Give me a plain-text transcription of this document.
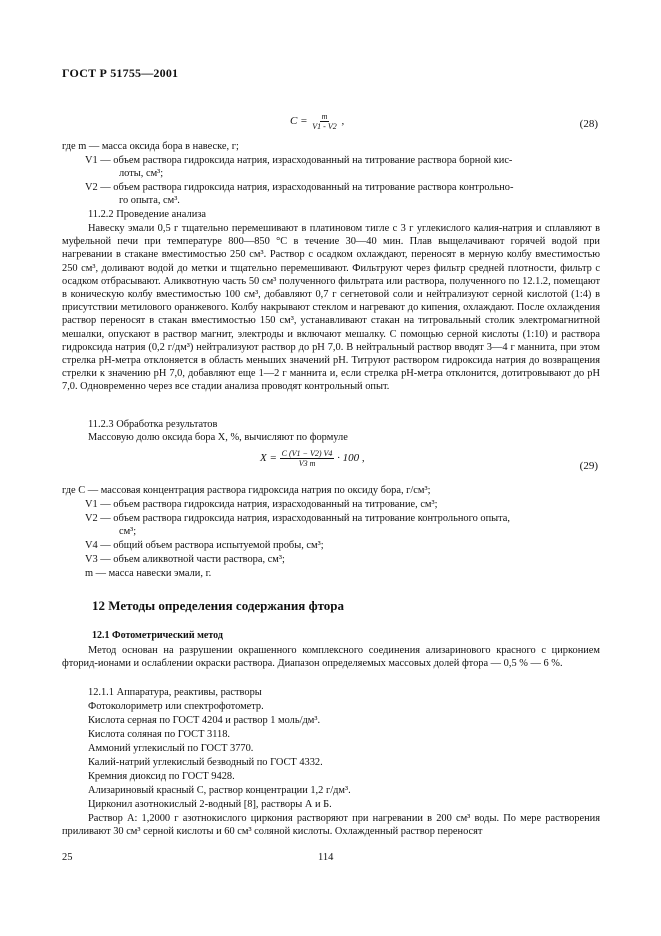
ГОСТ Р 51755—2001
$C = \frac{m}{V1 - V2}$ ,	(28)
где m — масса оксида бора в навеске, г;
V1 — объем раствора гидроксида натрия, израсходованный на титрование раствора борной кис-
лоты, см³;
V2 — объем раствора гидроксида натрия, израсходованный на титрование раствора контрольно-
го опыта, см³.
11.2.2 Проведение анализа

Навеску эмали 0,5 г тщательно перемешивают в платиновом тигле с 3 г углекислого калия-натрия и сплавляют в муфельной печи при температуре 800—850 °С в течение 30—40 мин. Плав выщелачивают горячей водой при нагревании в стакане вместимостью 250 см³. Раствор с осадком охлаждают, переносят в мерную колбу вместимостью 250 см³, доливают водой до метки и тщательно перемешивают. Фильтруют через фильтр средней плотности, фильтр с осадком отбрасывают. Аликвотную часть 50 см³ полученного фильтрата или раствора, полученного по 12.1.2, помещают в коническую колбу вместимостью 100 см³, добавляют 0,7 г сегнетовой соли и нейтрализуют серной кислотой (1:4) в присутствии метилового оранжевого. Колбу накрывают стеклом и нагревают до кипения, охлаждают. После охлаждения раствор переносят в стакан вместимостью 150 см³, устанавливают стакан на титровальный столик электромагнитной мешалки, опускают в раствор магнит, электроды и включают мешалку. С помощью серной кислоты (1:10) и раствора гидроксида натрия (0,2 г/дм³) нейтрализуют раствор до рН 7,0. В нейтральный раствор вводят 3—4 г маннита, при этом стрелка рН-метра отклоняется в область меньших значений рН. Титруют раствором гидроксида натрия до возвращения стрелки к значению рН 7,0, добавляют еще 1—2 г маннита и, если стрелка рН-метра отклонится, дотитровывают до рН 7,0. Одновременно через все стадии анализа проводят контрольный опыт.

11.2.3 Обработка результатов
Массовую долю оксида бора X, %, вычисляют по формуле
$X = \frac{C (V1 - V2) V4}{V3 m} \cdot 100$ ,
(29)
где C — массовая концентрация раствора гидроксида натрия по оксиду бора, г/см³;
V1 — объем раствора гидроксида натрия, израсходованный на титрование, см³;
V2 — объем раствора гидроксида натрия, израсходованный на титрование контрольного опыта,
см³;
V4 — общий объем раствора испытуемой пробы, см³;
V3 — объем аликвотной части раствора, см³;
m — масса навески эмали, г.
12 Методы определения содержания фтора
12.1 Фотометрический метод

Метод основан на разрушении окрашенного комплексного соединения ализаринового красного с цирконием фторид-ионами и ослаблении окраски раствора. Диапазон определяемых массовых долей фтора — 0,5 % — 6 %.

12.1.1 Аппаратура, реактивы, растворы
Фотоколориметр или спектрофотометр.
Кислота серная по ГОСТ 4204 и раствор 1 моль/дм³.
Кислота соляная по ГОСТ 3118.
Аммоний углекислый по ГОСТ 3770.
Калий-натрий углекислый безводный по ГОСТ 4332.
Кремния диоксид по ГОСТ 9428.
Ализариновый красный С, раствор концентрации 1,2 г/дм³.
Цирконил азотнокислый 2-водный [8], растворы А и Б.

Раствор А: 1,2000 г азотнокислого циркония растворяют при нагревании в 200 см³ воды. По мере растворения приливают 30 см³ серной кислоты и 60 см³ соляной кислоты. Охлажденный раствор переносят

25	114
